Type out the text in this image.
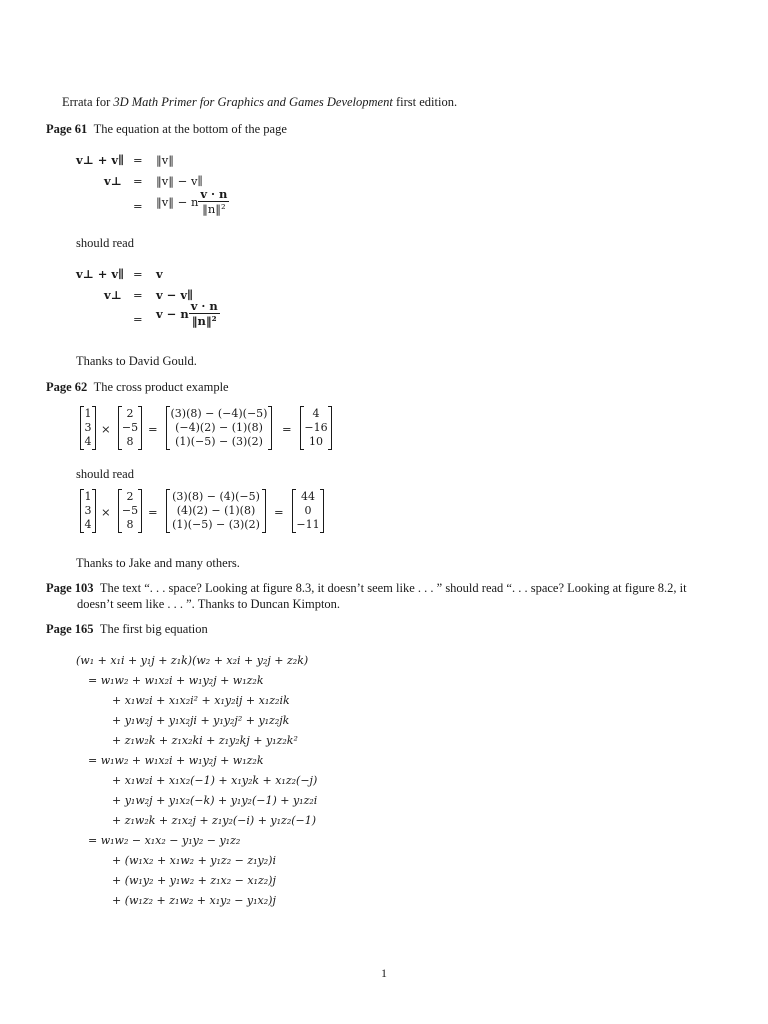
Errata for 3D Math Primer for Graphics and Games Development first edition.
Page 61 The equation at the bottom of the page
v⊥ + v∥ = ‖v‖
v⊥ = ‖v‖ − v∥
= ‖v‖ − n $\frac{v \cdot n}{\text{‖n‖²}}$
should read
v⊥ + v∥ = v
v⊥ = v − v∥
= v − n $\frac{v \cdot n}{\text{‖n‖²}}$
Thanks to David Gould.
Page 62 The cross product example
1
3
4
×
2
−5
8
=
(3)(8) − (−4)(−5)
(−4)(2) − (1)(8)
(1)(−5) − (3)(2)
=
4
−16
10
should read
1
3
4
×
2
−5
8
=
(3)(8) − (4)(−5)
(4)(2) − (1)(8)
(1)(−5) − (3)(2)
=
44
0
−11
Thanks to Jake and many others.
Page 103 The text “. . . space? Looking at figure 8.3, it doesn’t seem like . . . ” should read “. . . space? Looking at figure 8.2, it doesn’t seem like . . . ”. Thanks to Duncan Kimpton.
Page 165 The first big equation
(w₁ + x₁i + y₁j + z₁k)(w₂ + x₂i + y₂j + z₂k)
= w₁w₂ + w₁x₂i + w₁y₂j + w₁z₂k
+ x₁w₂i + x₁x₂i² + x₁y₂ij + x₁z₂ik
+ y₁w₂j + y₁x₂ji + y₁y₂j² + y₁z₂jk
+ z₁w₂k + z₁x₂ki + z₁y₂kj + y₁z₂k²
= w₁w₂ + w₁x₂i + w₁y₂j + w₁z₂k
+ x₁w₂i + x₁x₂(−1) + x₁y₂k + x₁z₂(−j)
+ y₁w₂j + y₁x₂(−k) + y₁y₂(−1) + y₁z₂i
+ z₁w₂k + z₁x₂j + z₁y₂(−i) + y₁z₂(−1)
= w₁w₂ − x₁x₂ − y₁y₂ − y₁z₂
+ (w₁x₂ + x₁w₂ + y₁z₂ − z₁y₂)i
+ (w₁y₂ + y₁w₂ + z₁x₂ − x₁z₂)j
+ (w₁z₂ + z₁w₂ + x₁y₂ − y₁x₂)j
1
